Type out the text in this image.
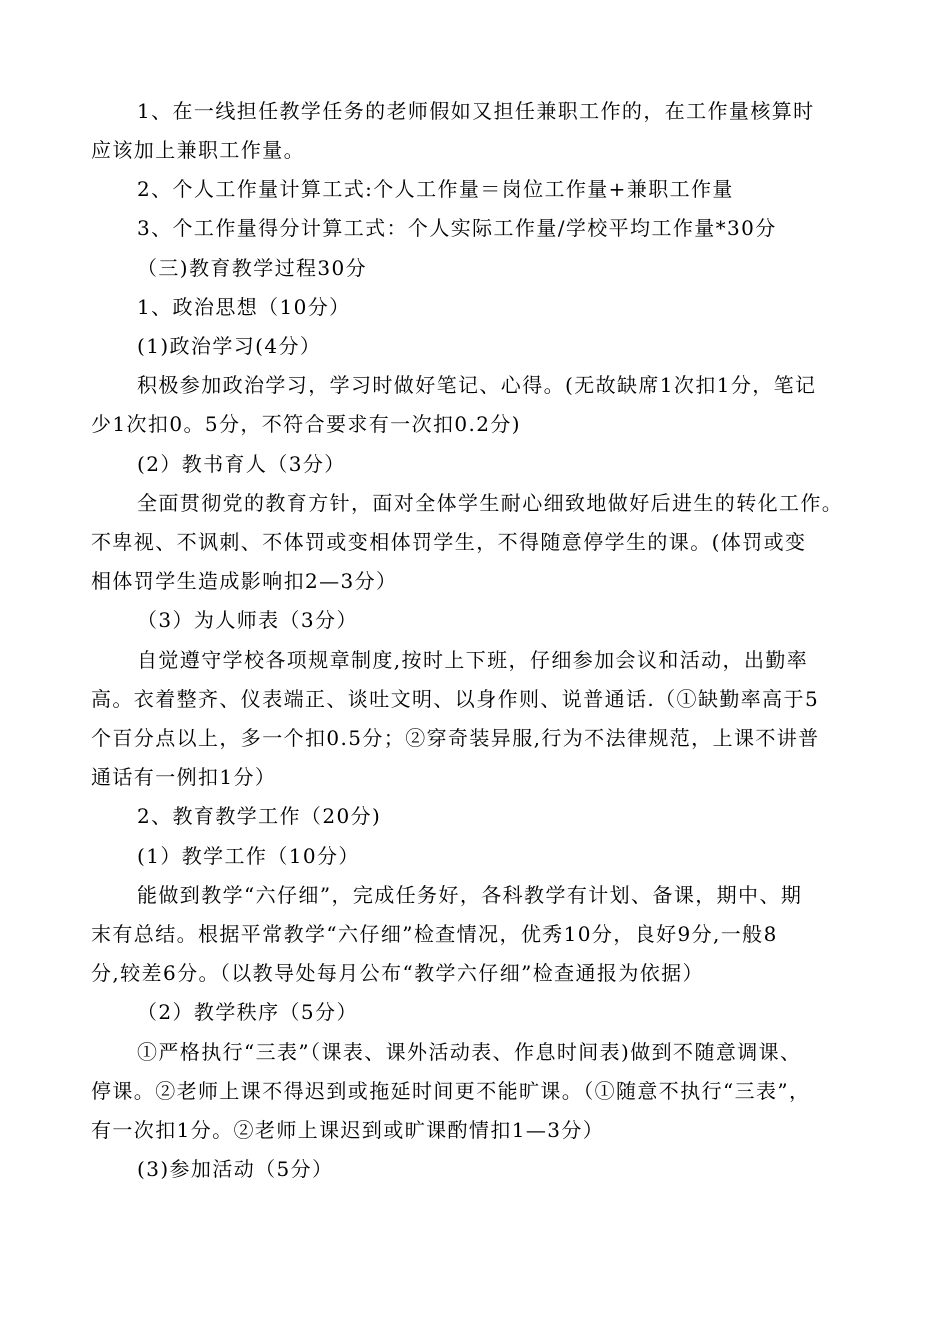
1、在一线担任教学任务的老师假如又担任兼职工作的，在工作量核算时
应该加上兼职工作量。
2、个人工作量计算工式:个人工作量＝岗位工作量+兼职工作量
3、个工作量得分计算工式：个人实际工作量/学校平均工作量*30分
（三)教育教学过程30分
1、政治思想（10分）
(1)政治学习(4分）
积极参加政治学习，学习时做好笔记、心得。(无故缺席1次扣1分，笔记
少1次扣0。5分，不符合要求有一次扣0.2分)
(2）教书育人（3分）
全面贯彻党的教育方针，面对全体学生耐心细致地做好后进生的转化工作。
不卑视、不讽刺、不体罚或变相体罚学生，不得随意停学生的课。(体罚或变
相体罚学生造成影响扣2—3分）
（3）为人师表（3分）
自觉遵守学校各项规章制度,按时上下班，仔细参加会议和活动，出勤率
高。衣着整齐、仪表端正、谈吐文明、以身作则、说普通话.（①缺勤率高于5
个百分点以上，多一个扣0.5分；②穿奇装异服,行为不法律规范，上课不讲普
通话有一例扣1分）
2、教育教学工作（20分)
(1）教学工作（10分）
能做到教学“六仔细”，完成任务好，各科教学有计划、备课，期中、期
末有总结。根据平常教学“六仔细”检查情况，优秀10分，良好9分,一般8
分,较差6分。（以教导处每月公布“教学六仔细”检查通报为依据）
（2）教学秩序（5分）
①严格执行“三表”（课表、课外活动表、作息时间表)做到不随意调课、
停课。②老师上课不得迟到或拖延时间更不能旷课。（①随意不执行“三表”，
有一次扣1分。②老师上课迟到或旷课酌情扣1—3分）
(3)参加活动（5分）
